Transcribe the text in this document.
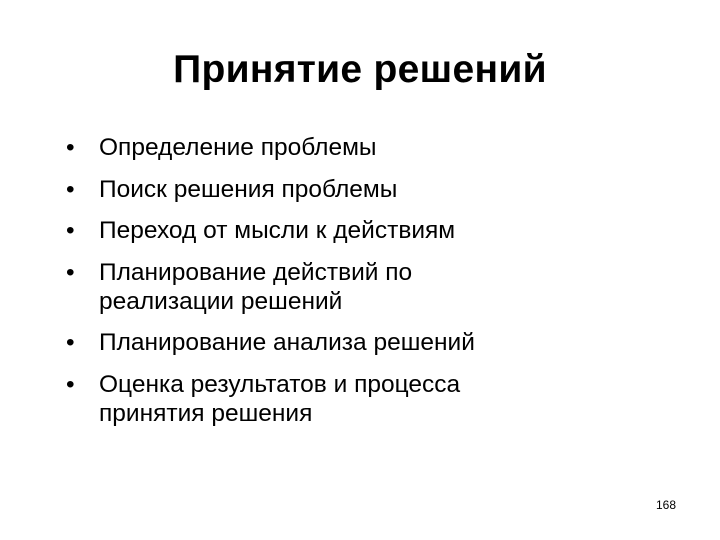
Принятие решений
• Определение проблемы
• Поиск решения проблемы
• Переход от мысли к действиям
• Планирование действий по
реализации решений
• Планирование анализа решений
• Оценка результатов и процесса
принятия решения
168
